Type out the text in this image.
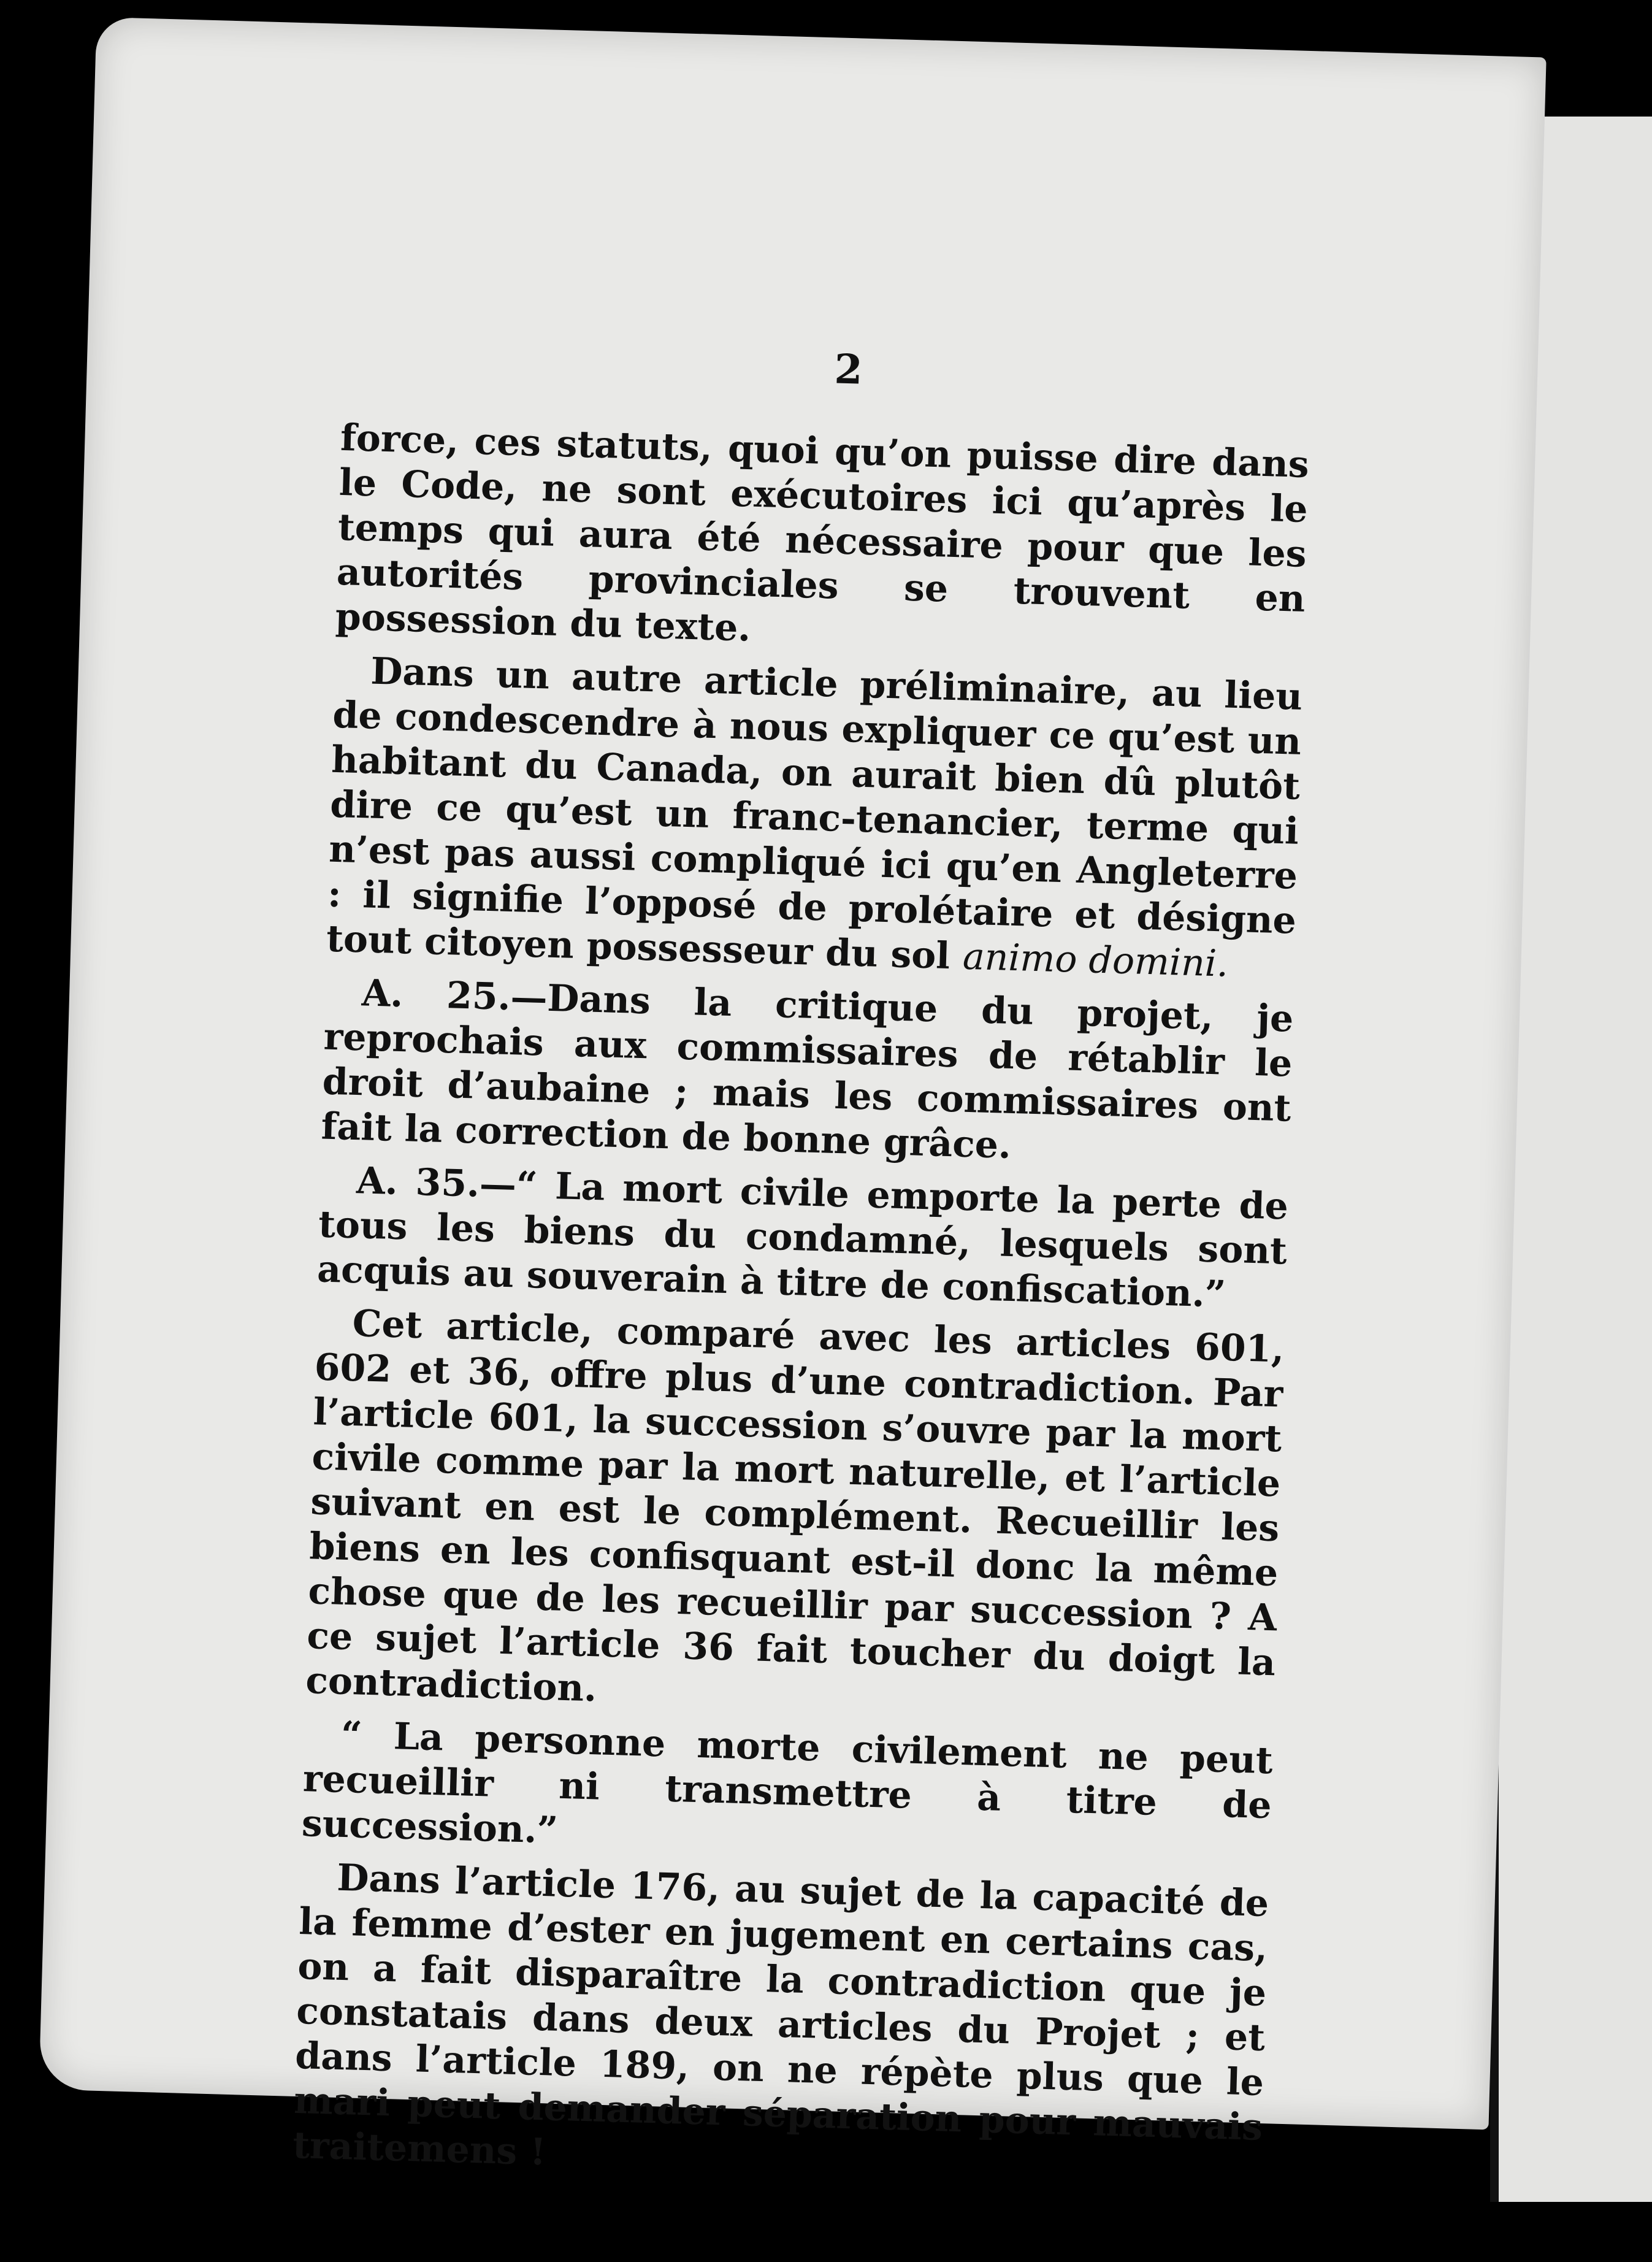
2

force, ces statuts, quoi qu’on puisse dire dans le Code, ne sont exécutoires ici qu’après le temps qui aura été nécessaire pour que les autorités provinciales se trouvent en possession du texte.

Dans un autre article préliminaire, au lieu de condescendre à nous expliquer ce qu’est un habitant du Canada, on aurait bien dû plutôt dire ce qu’est un franc-tenancier, terme qui n’est pas aussi compliqué ici qu’en Angleterre : il signifie l’opposé de prolétaire et désigne tout citoyen possesseur du sol animo domini.

A. 25.—Dans la critique du projet, je reprochais aux commissaires de rétablir le droit d’aubaine ; mais les commissaires ont fait la correction de bonne grâce.

A. 35.—“ La mort civile emporte la perte de tous les biens du condamné, lesquels sont acquis au souverain à titre de confiscation.”

Cet article, comparé avec les articles 601, 602 et 36, offre plus d’une contradiction. Par l’article 601, la succession s’ouvre par la mort civile comme par la mort naturelle, et l’article suivant en est le complément. Recueillir les biens en les confisquant est-il donc la même chose que de les recueillir par succession ? A ce sujet l’article 36 fait toucher du doigt la contradiction.

“ La personne morte civilement ne peut recueillir ni transmettre à titre de succession.”

Dans l’article 176, au sujet de la capacité de la femme d’ester en jugement en certains cas, on a fait disparaître la contradiction que je constatais dans deux articles du Projet ; et dans l’article 189, on ne répète plus que le mari peut demander séparation pour mauvais traitemens !
